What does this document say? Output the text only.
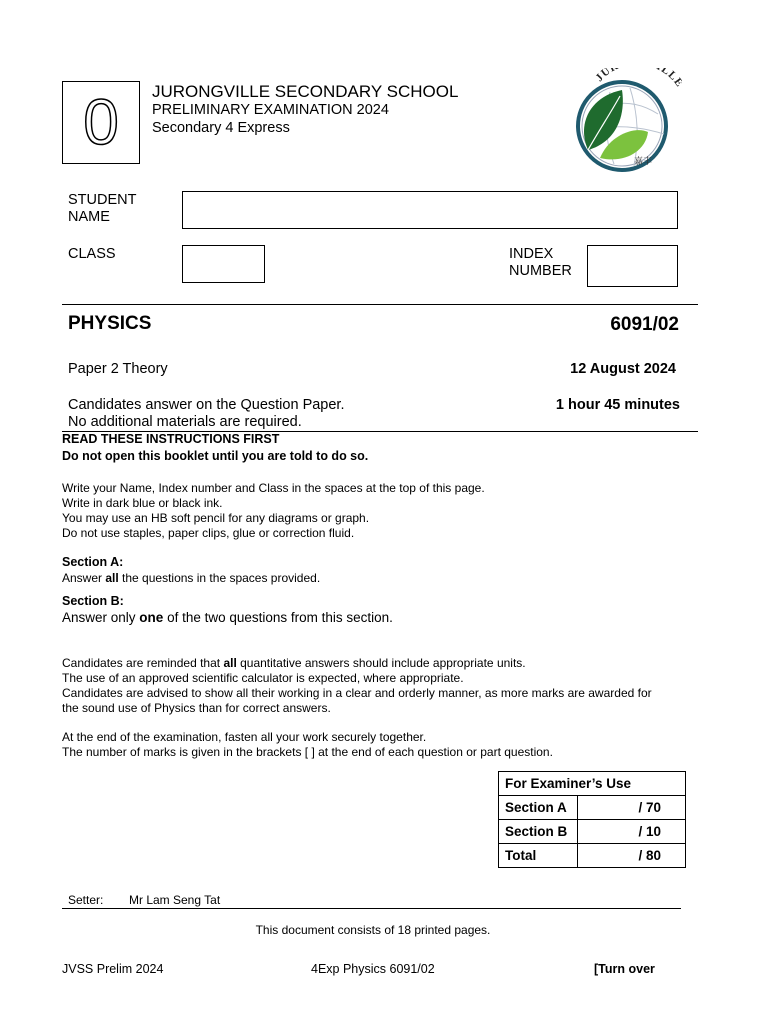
0	JURONGVILLE SECONDARY SCHOOL
PRELIMINARY EXAMINATION 2024
Secondary 4 Express
JU LL
嘉丰
STUDENT
NAME
CLASS	INDEX
NUMBER
PHYSICS	6091/02
Paper 2 Theory	12 August 2024
Candidates answer on the Question Paper.	1 hour 45 minutes
No additional materials are required.
READ THESE INSTRUCTIONS FIRST
Do not open this booklet until you are told to do so.
Write your Name, Index number and Class in the spaces at the top of this page.
Write in dark blue or black ink.
You may use an HB soft pencil for any diagrams or graph.
Do not use staples, paper clips, glue or correction fluid.
Section A:
Answer all the questions in the spaces provided.
Section B:
Answer only one of the two questions from this section.
Candidates are reminded that all quantitative answers should include appropriate units.
The use of an approved scientific calculator is expected, where appropriate.
Candidates are advised to show all their working in a clear and orderly manner, as more marks are awarded for
the sound use of Physics than for correct answers.
At the end of the examination, fasten all your work securely together.
The number of marks is given in the brackets [ ] at the end of each question or part question.
For Examiner’s Use	
Section A	/ 70
Section B	/ 10
Total	/ 80
Setter: Mr Lam Seng Tat
This document consists of 18 printed pages.
JVSS Prelim 2024	4Exp Physics 6091/02	[Turn over
